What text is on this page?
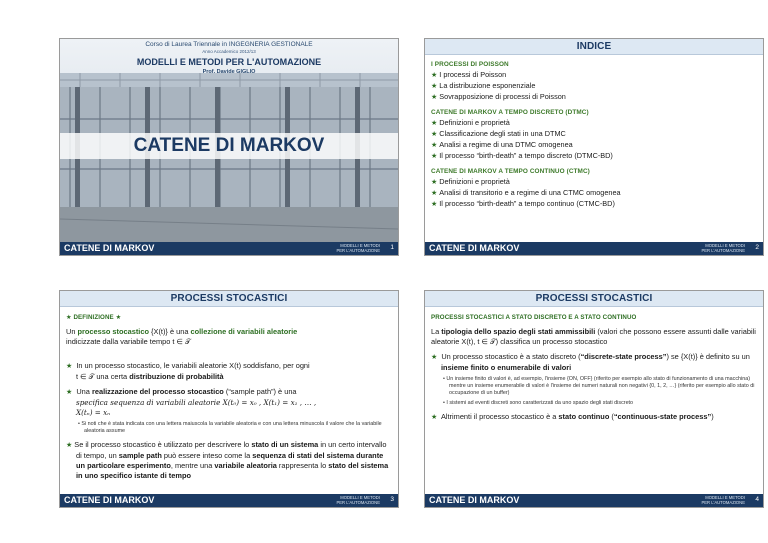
Corso di Laurea Triennale in INGEGNERIA GESTIONALE
Anno Accademico 2012/13
MODELLI E METODI PER L'AUTOMAZIONE
Prof. Davide GIGLIO
CATENE DI MARKOV
CATENE DI MARKOV	MODELLI E METODI
PER L'AUTOMAZIONE 1
INDICE
I PROCESSI DI POISSON
★ I processi di Poisson
★ La distribuzione esponenziale
★ Sovrapposizione di processi di Poisson
CATENE DI MARKOV A TEMPO DISCRETO (DTMC)
★ Definizioni e proprietà
★ Classificazione degli stati in una DTMC
★ Analisi a regime di una DTMC omogenea
★ Il processo “birth-death” a tempo discreto (DTMC-BD)
CATENE DI MARKOV A TEMPO CONTINUO (CTMC)
★ Definizioni e proprietà
★ Analisi di transitorio e a regime di una CTMC omogenea
★ Il processo “birth-death” a tempo continuo (CTMC-BD)
CATENE DI MARKOV	MODELLI E METODI
PER L'AUTOMAZIONE 2
PROCESSI STOCASTICI
★ DEFINIZIONE ★
Un processo stocastico {X(t)} è una collezione di variabili aleatorie
indicizzate dalla variabile tempo t ∈ 𝒯
★ In un processo stocastico, le variabili aleatorie X(t) soddisfano, per ogni
t ∈ 𝒯 una certa distribuzione di probabilità
★ Una realizzazione del processo stocastico (“sample path”) è una
specifica sequenza di variabili aleatorie X(t₀) = x₀ , X(t₁) = x₁ , … ,
X(tₙ) = xₙ
• Si noti che è stata indicata con una lettera maiuscola la variabile aleatoria e con una lettera minuscola il valore che la variabile aleatoria assume
★ Se il processo stocastico è utilizzato per descrivere lo stato di un sistema in un certo intervallo di tempo, un sample path può essere inteso come la sequenza di stati del sistema durante un particolare esperimento, mentre una variabile aleatoria rappresenta lo stato del sistema in uno specifico istante di tempo
CATENE DI MARKOV	MODELLI E METODI
PER L'AUTOMAZIONE 3
PROCESSI STOCASTICI
PROCESSI STOCASTICI A STATO DISCRETO E A STATO CONTINUO
La tipologia dello spazio degli stati ammissibili (valori che possono essere assunti dalle variabili aleatorie X(t), t ∈ 𝒯) classifica un processo stocastico
★ Un processo stocastico è a stato discreto (“discrete-state process”) se {X(t)} è definito su un insieme finito o enumerabile di valori
• Un insieme finito di valori è, ad esempio, l'insieme {ON, OFF} (riferito per esempio allo stato di funzionamento di una macchina) mentre un insieme enumerabile di valori è l'insieme dei numeri naturali non negativi {0, 1, 2, …} (riferito per esempio allo stato di occupazione di un buffer)
• I sistemi ad eventi discreti sono caratterizzati da uno spazio degli stati discreto
★ Altrimenti il processo stocastico è a stato continuo (“continuous-state process”)
CATENE DI MARKOV	MODELLI E METODI
PER L'AUTOMAZIONE 4
